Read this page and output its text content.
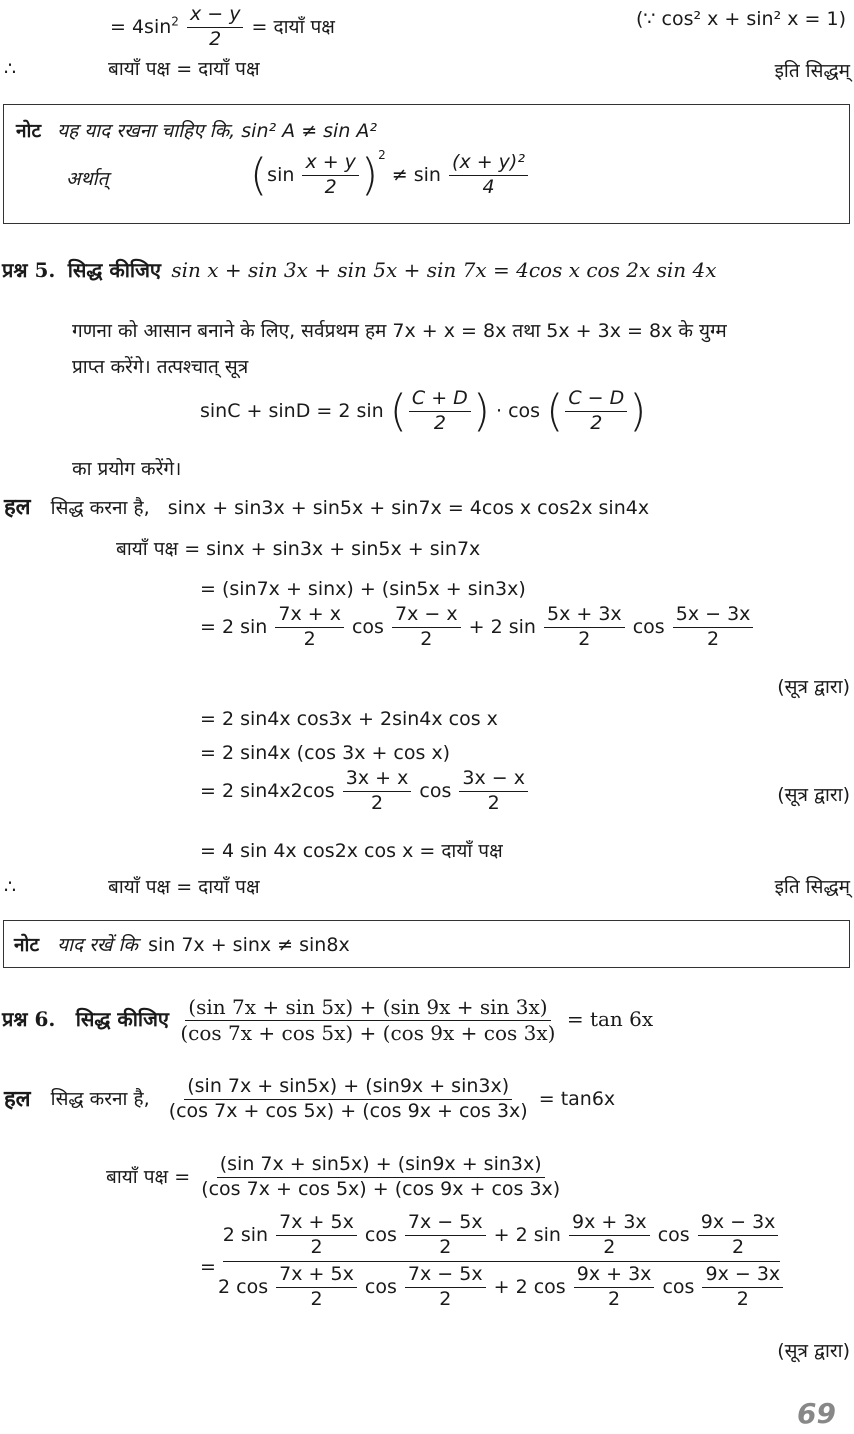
= $4\sin^2 \frac{x - y}{2}$ = दायाँ पक्ष	(∵ cos² x + sin² x = 1)
∴	बायाँ पक्ष = दायाँ पक्ष	इति सिद्धम्
नोट यह याद रखना चाहिए कि, sin² A ≠ sin A²
अर्थात्	$(\sin \frac{x + y}{2} )^2 \ne \sin \frac{\text{(x + y)²}}{4}$
प्रश्न 5. सिद्ध कीजिए sin x + sin 3x + sin 5x + sin 7x = 4cos x cos 2x sin 4x
गणना को आसान बनाने के लिए, सर्वप्रथम हम 7x + x = 8x तथा 5x + 3x = 8x के युग्म
प्राप्त करेंगे। तत्पश्चात् सूत्र
sinC + sinD = 2 sin ( $\frac{C + D}{2}$ ) · cos ( $\frac{C - D}{2}$ )
का प्रयोग करेंगे।
हल सिद्ध करना है, sinx + sin3x + sin5x + sin7x = 4cos x cos2x sin4x
बायाँ पक्ष = sinx + sin3x + sin5x + sin7x
= (sin7x + sinx) + (sin5x + sin3x)
= 2 $\sin \frac{7x + x}{2}$ $\cos \frac{7x - x}{2} + 2$ $\sin \frac{5x + 3x}{2}$ $\cos \frac{5x - 3x}{2}$
(सूत्र द्वारा)
= 2 sin4x cos3x + 2sin4x cos x
= 2 sin4x (cos 3x + cos x)
= 2 $\sin 4x2\cos \frac{3x + x}{2}$ $\cos \frac{3x - x}{2}$	(सूत्र द्वारा)
= 4 sin 4x cos2x cos x = दायाँ पक्ष
∴	बायाँ पक्ष = दायाँ पक्ष	इति सिद्धम्
नोट याद रखें कि sin 7x + sinx ≠ sin8x
प्रश्न 6. सिद्ध कीजिए $\frac{(\sin 7x + \sin 5x) + (\sin 9x + \sin 3x)}{(\cos 7x + \cos 5x) + (\cos 9x + \cos 3x)} = \tan 6x$
हल सिद्ध करना है, $\frac{(\sin 7x + \sin 5x) + (\sin 9x + \sin 3x)}{(\cos 7x + \cos 5x) + (\cos 9x + \cos 3x)} = \tan 6x$
बायाँ पक्ष = $\frac{(\sin 7x + \sin 5x) + (\sin 9x + \sin 3x)}{(\cos 7x + \cos 5x) + (\cos 9x + \cos 3x)}$
=
2 $\sin \frac{7x + 5x}{2}$ $\cos \frac{7x - 5x}{2} + 2$ $\sin \frac{9x + 3x}{2}$ $\cos \frac{9x - 3x}{2}$
2 $\cos \frac{7x + 5x}{2}$ $\cos \frac{7x - 5x}{2} + 2$ $\cos \frac{9x + 3x}{2}$ $\cos \frac{9x - 3x}{2}$
(सूत्र द्वारा)
69
